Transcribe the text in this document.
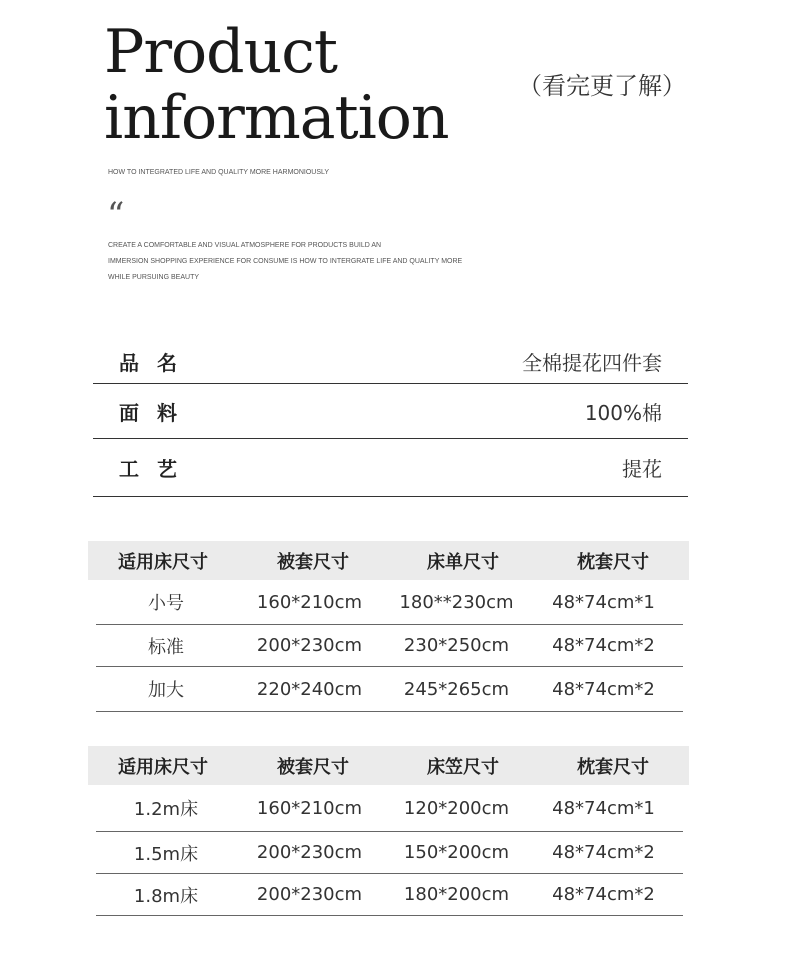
Product
information	（看完更了解）
HOW TO INTEGRATED LIFE AND QUALITY MORE HARMONIOUSLY
“
CREATE A COMFORTABLE AND VISUAL ATMOSPHERE FOR PRODUCTS BUILD AN
IMMERSION SHOPPING EXPERIENCE FOR CONSUME IS HOW TO INTERGRATE LIFE AND QUALITY MORE
WHILE PURSUING BEAUTY
品名	全棉提花四件套
面料	100%棉
工艺	提花
适用床尺寸	被套尺寸	床单尺寸	枕套尺寸
小号	160*210cm	180**230cm	48*74cm*1
标准	200*230cm	230*250cm	48*74cm*2
加大	220*240cm	245*265cm	48*74cm*2
适用床尺寸	被套尺寸	床笠尺寸	枕套尺寸
1.2m床	160*210cm	120*200cm	48*74cm*1
1.5m床	200*230cm	150*200cm	48*74cm*2
1.8m床	200*230cm	180*200cm	48*74cm*2
